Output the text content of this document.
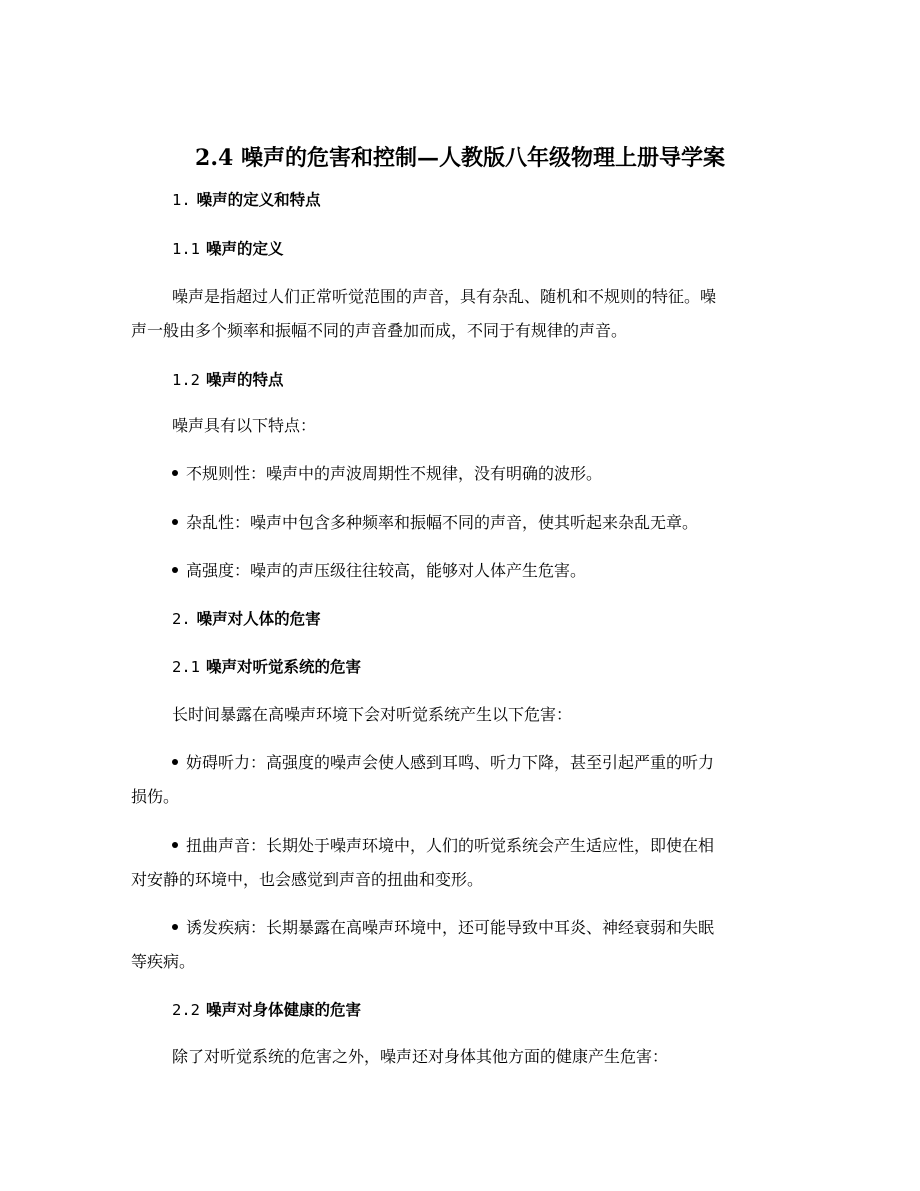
2.4 噪声的危害和控制—人教版八年级物理上册导学案
1. 噪声的定义和特点
1.1 噪声的定义
噪声是指超过人们正常听觉范围的声音，具有杂乱、随机和不规则的特征。噪
声一般由多个频率和振幅不同的声音叠加而成，不同于有规律的声音。
1.2 噪声的特点
噪声具有以下特点：
不规则性：噪声中的声波周期性不规律，没有明确的波形。
杂乱性：噪声中包含多种频率和振幅不同的声音，使其听起来杂乱无章。
高强度：噪声的声压级往往较高，能够对人体产生危害。
2. 噪声对人体的危害
2.1 噪声对听觉系统的危害
长时间暴露在高噪声环境下会对听觉系统产生以下危害：
妨碍听力：高强度的噪声会使人感到耳鸣、听力下降，甚至引起严重的听力
损伤。
扭曲声音：长期处于噪声环境中，人们的听觉系统会产生适应性，即使在相
对安静的环境中，也会感觉到声音的扭曲和变形。
诱发疾病：长期暴露在高噪声环境中，还可能导致中耳炎、神经衰弱和失眠
等疾病。
2.2 噪声对身体健康的危害
除了对听觉系统的危害之外，噪声还对身体其他方面的健康产生危害：
